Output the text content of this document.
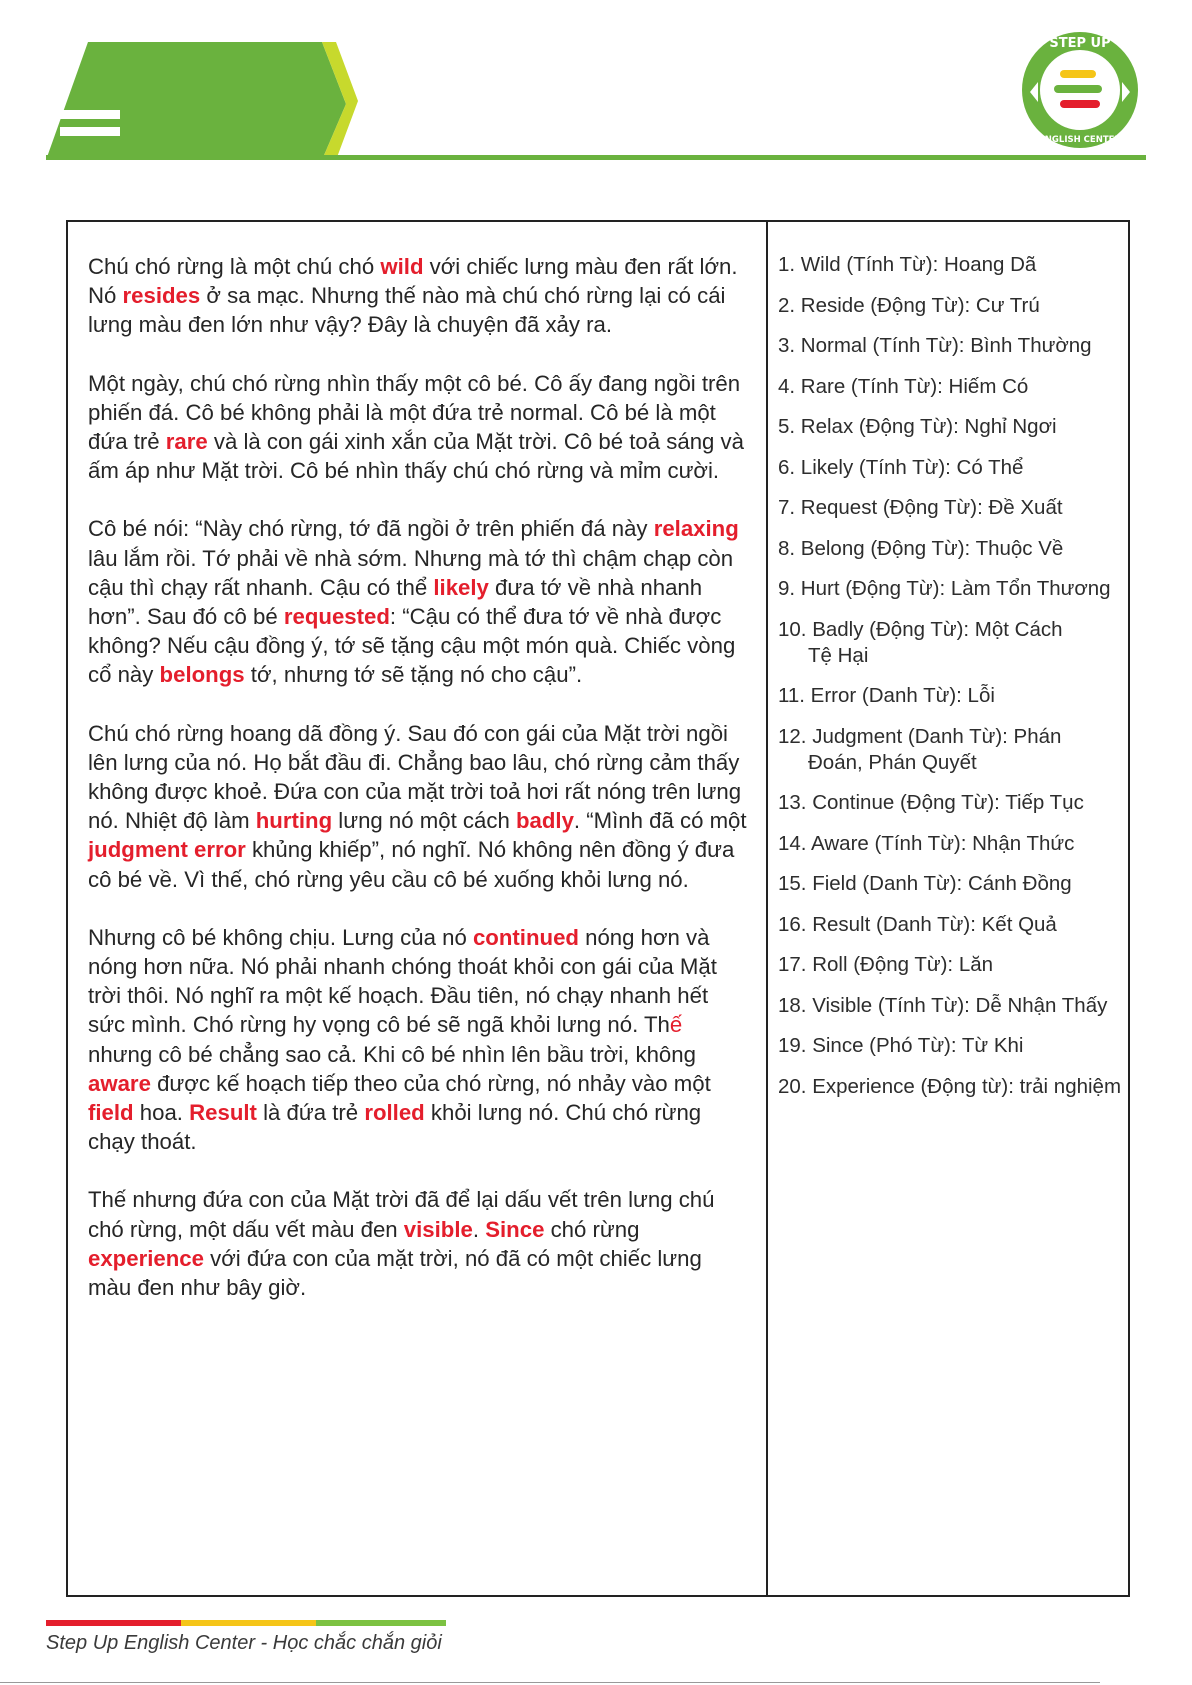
STEP UP
ENGLISH CENTER

Chú chó rừng là một chú chó wild với chiếc lưng màu đen rất lớn. Nó resides ở sa mạc. Nhưng thế nào mà chú chó rừng lại có cái lưng màu đen lớn như vậy? Đây là chuyện đã xảy ra.

Một ngày, chú chó rừng nhìn thấy một cô bé. Cô ấy đang ngồi trên phiến đá. Cô bé không phải là một đứa trẻ normal. Cô bé là một đứa trẻ rare và là con gái xinh xắn của Mặt trời. Cô bé toả sáng và ấm áp như Mặt trời. Cô bé nhìn thấy chú chó rừng và mỉm cười.

Cô bé nói: “Này chó rừng, tớ đã ngồi ở trên phiến đá này relaxing lâu lắm rồi. Tớ phải về nhà sớm. Nhưng mà tớ thì chậm chạp còn cậu thì chạy rất nhanh. Cậu có thể likely đưa tớ về nhà nhanh hơn”. Sau đó cô bé requested: “Cậu có thể đưa tớ về nhà được không? Nếu cậu đồng ý, tớ sẽ tặng cậu một món quà. Chiếc vòng cổ này belongs tớ, nhưng tớ sẽ tặng nó cho cậu”.

Chú chó rừng hoang dã đồng ý. Sau đó con gái của Mặt trời ngồi lên lưng của nó. Họ bắt đầu đi. Chẳng bao lâu, chó rừng cảm thấy không được khoẻ. Đứa con của mặt trời toả hơi rất nóng trên lưng nó. Nhiệt độ làm hurting lưng nó một cách badly. “Mình đã có một judgment error khủng khiếp”, nó nghĩ. Nó không nên đồng ý đưa cô bé về. Vì thế, chó rừng yêu cầu cô bé xuống khỏi lưng nó.

Nhưng cô bé không chịu. Lưng của nó continued nóng hơn và nóng hơn nữa. Nó phải nhanh chóng thoát khỏi con gái của Mặt trời thôi. Nó nghĩ ra một kế hoạch. Đầu tiên, nó chạy nhanh hết sức mình. Chó rừng hy vọng cô bé sẽ ngã khỏi lưng nó. Thế nhưng cô bé chẳng sao cả. Khi cô bé nhìn lên bầu trời, không aware được kế hoạch tiếp theo của chó rừng, nó nhảy vào một field hoa. Result là đứa trẻ rolled khỏi lưng nó. Chú chó rừng chạy thoát.

Thế nhưng đứa con của Mặt trời đã để lại dấu vết trên lưng chú chó rừng, một dấu vết màu đen visible. Since chó rừng experience với đứa con của mặt trời, nó đã có một chiếc lưng màu đen như bây giờ.

1. Wild (Tính Từ): Hoang Dã
2. Reside (Động Từ): Cư Trú
3. Normal (Tính Từ): Bình Thường
4. Rare (Tính Từ): Hiếm Có
5. Relax (Động Từ): Nghỉ Ngơi
6. Likely (Tính Từ): Có Thể
7. Request (Động Từ): Đề Xuất
8. Belong (Động Từ): Thuộc Về
9. Hurt (Động Từ): Làm Tổn Thương
10. Badly (Động Từ): Một Cách
Tệ Hại
11. Error (Danh Từ): Lỗi
12. Judgment (Danh Từ): Phán
Đoán, Phán Quyết
13. Continue (Động Từ): Tiếp Tục
14. Aware (Tính Từ): Nhận Thức
15. Field (Danh Từ): Cánh Đồng
16. Result (Danh Từ): Kết Quả
17. Roll (Động Từ): Lăn
18. Visible (Tính Từ): Dễ Nhận Thấy
19. Since (Phó Từ): Từ Khi
20. Experience (Động từ): trải nghiệm
Step Up English Center - Học chắc chắn giỏi
